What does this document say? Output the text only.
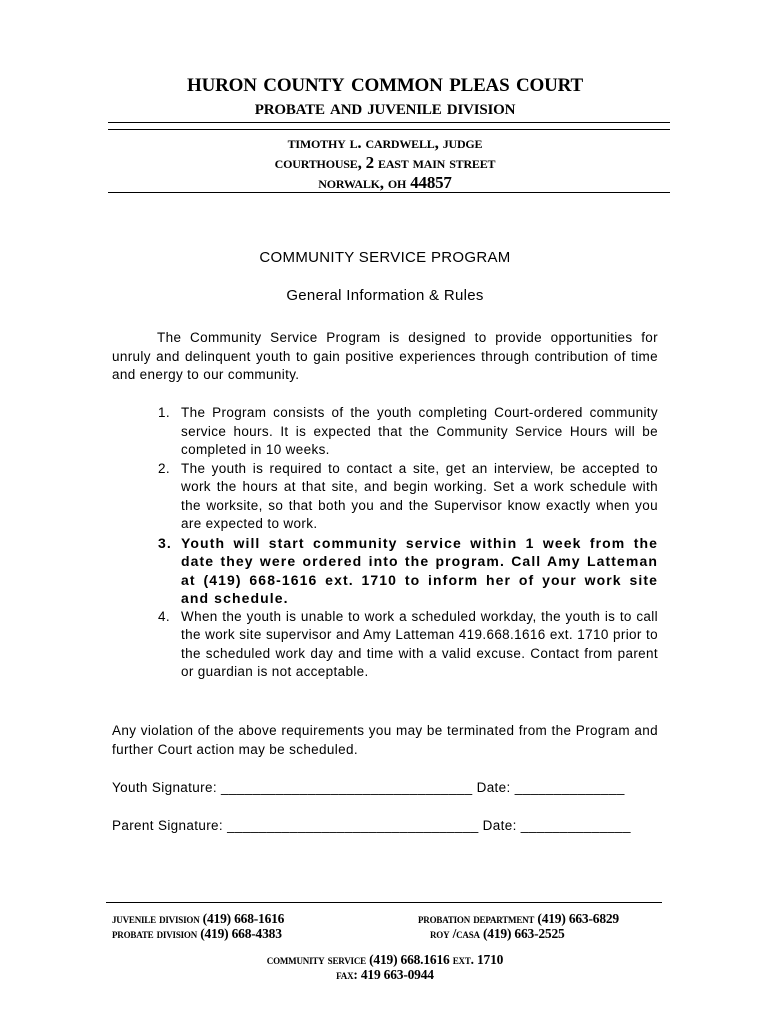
huron county common pleas court
probate and juvenile division
timothy l. cardwell, judge
courthouse, 2 east main street
norwalk, oh 44857
COMMUNITY SERVICE PROGRAM
General Information & Rules

The Community Service Program is designed to provide opportunities for unruly and delinquent youth to gain positive experiences through contribution of time and energy to our community.

1. The Program consists of the youth completing Court-ordered community service hours. It is expected that the Community Service Hours will be completed in 10 weeks.
2. The youth is required to contact a site, get an interview, be accepted to work the hours at that site, and begin working. Set a work schedule with the worksite, so that both you and the Supervisor know exactly when you are expected to work.
3. Youth will start community service within 1 week from the date they were ordered into the program. Call Amy Latteman at (419) 668-1616 ext. 1710 to inform her of your work site and schedule.
4. When the youth is unable to work a scheduled workday, the youth is to call the work site supervisor and Amy Latteman 419.668.1616 ext. 1710 prior to the scheduled work day and time with a valid excuse. Contact from parent or guardian is not acceptable.

Any violation of the above requirements you may be terminated from the Program and further Court action may be scheduled.

Youth Signature: ________________________________ Date: ______________
Parent Signature: ________________________________ Date: ______________
juvenile division (419) 668-1616
probate division (419) 668-4383
probation department (419) 663-6829
roy /casa (419) 663-2525
community service (419) 668.1616 ext. 1710
fax: 419 663-0944
